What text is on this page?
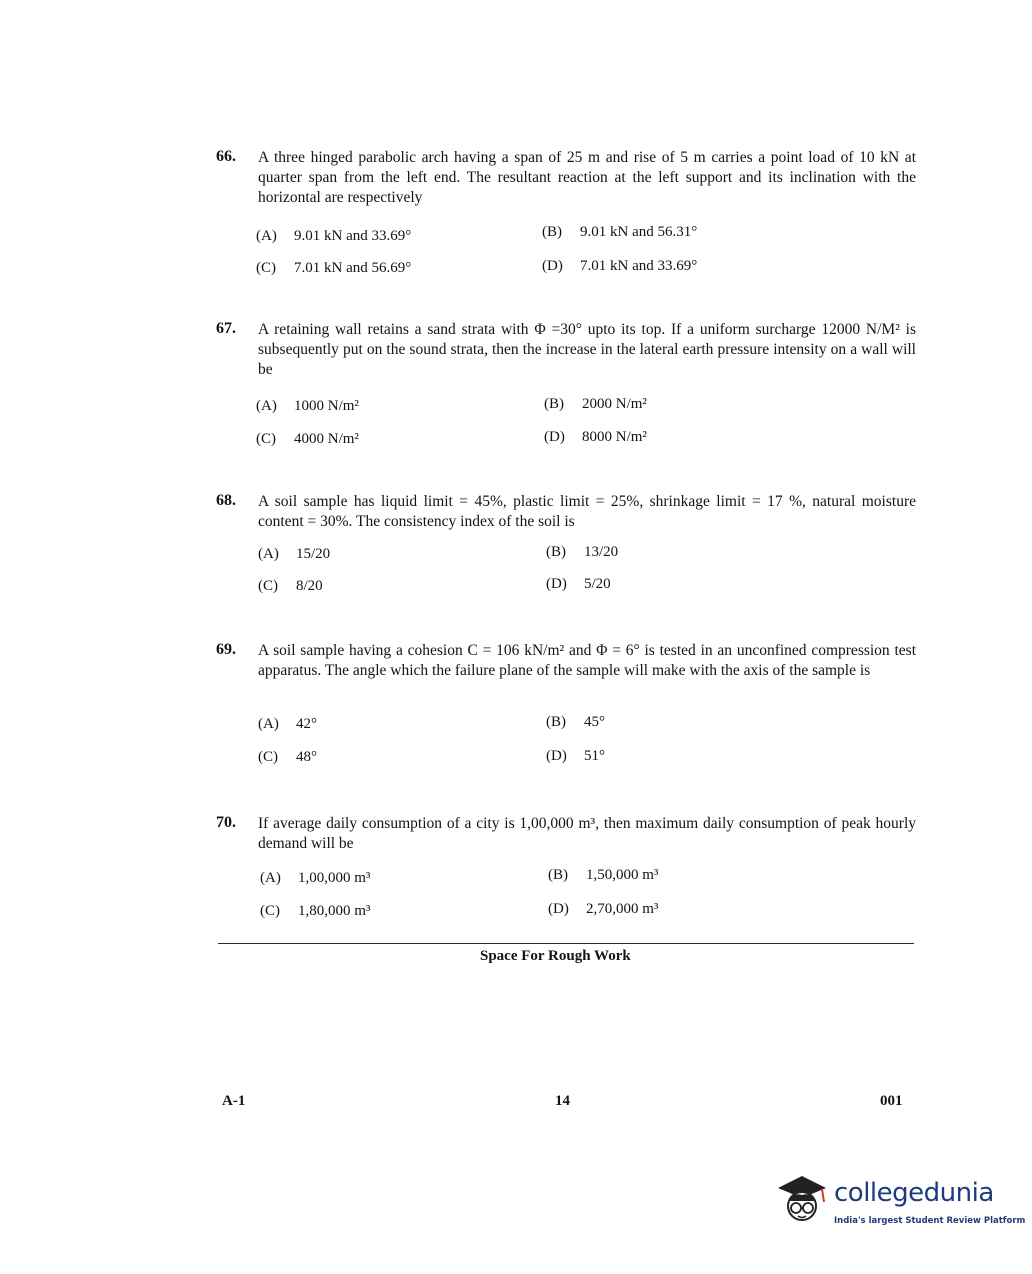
66. A three hinged parabolic arch having a span of 25 m and rise of 5 m carries a point load of 10 kN at quarter span from the left end. The resultant reaction at the left support and its inclination with the horizontal are respectively
(A) 9.01 kN and 33.69°	(B) 9.01 kN and 56.31°
(C) 7.01 kN and 56.69°	(D) 7.01 kN and 33.69°
67. A retaining wall retains a sand strata with Φ =30° upto its top. If a uniform surcharge 12000 N/M² is subsequently put on the sound strata, then the increase in the lateral earth pressure intensity on a wall will be
(A) 1000 N/m²	(B) 2000 N/m²
(C) 4000 N/m²	(D) 8000 N/m²
68. A soil sample has liquid limit = 45%, plastic limit = 25%, shrinkage limit = 17 %, natural moisture content = 30%. The consistency index of the soil is
(A) 15/20	(B) 13/20
(C) 8/20	(D) 5/20
69. A soil sample having a cohesion C = 106 kN/m² and Φ = 6° is tested in an unconfined compression test apparatus. The angle which the failure plane of the sample will make with the axis of the sample is
(A) 42°	(B) 45°
(C) 48°	(D) 51°
70. If average daily consumption of a city is 1,00,000 m³, then maximum daily consumption of peak hourly demand will be
(A) 1,00,000 m³	(B) 1,50,000 m³
(C) 1,80,000 m³	(D) 2,70,000 m³
Space For Rough Work
A-1	14	001
collegedunia
India's largest Student Review Platform
